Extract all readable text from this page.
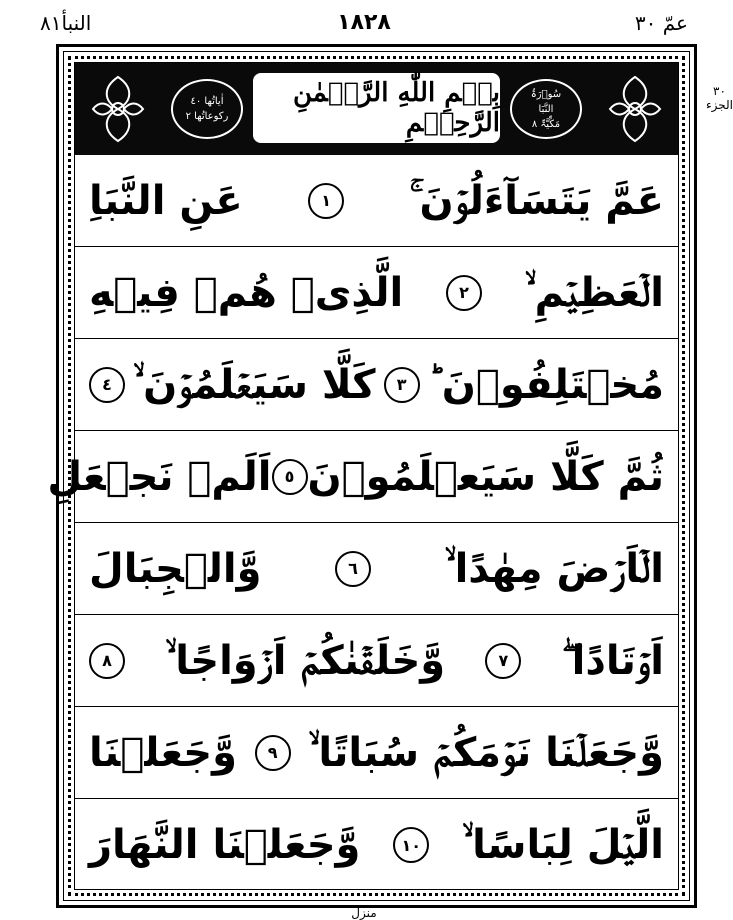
عمّ ٣٠
١٨٢٨
النبأ۸۱
٣٠ الجزء
اٰیاتُھا ٤٠
رکوعاتُھا ٢
بِسۡمِ اللّٰهِ الرَّحۡمٰنِ الرَّحِیۡمِ
سُوۡرَۃُ
النَّبَا
مَکِّیَّۃٌ ٨
عَمَّ يَتَسَآءَلُوۡنَ ۚ
١
عَنِ النَّبَاِ
الۡعَظِيۡمِ ۙ
٢
الَّذِىۡ هُمۡ فِيۡهِ
مُخۡتَلِفُوۡنَ ؕ
٣
كَلَّا سَيَعۡلَمُوۡنَ ۙ
٤
ثُمَّ كَلَّا سَيَعۡلَمُوۡنَ
٥
اَلَمۡ نَجۡعَلِ
الۡاَرۡضَ مِهٰدًا ۙ
٦
وَّالۡجِبَالَ
اَوۡتَادًا ۖ
٧
وَّخَلَقۡنٰكُمۡ اَزۡوَاجًا ۙ
٨
وَّجَعَلۡنَا نَوۡمَكُمۡ سُبَاتًا ۙ
٩
وَّجَعَلۡنَا
الَّيۡلَ لِبَاسًا ۙ
١٠
وَّجَعَلۡنَا النَّهَارَ
منزل
